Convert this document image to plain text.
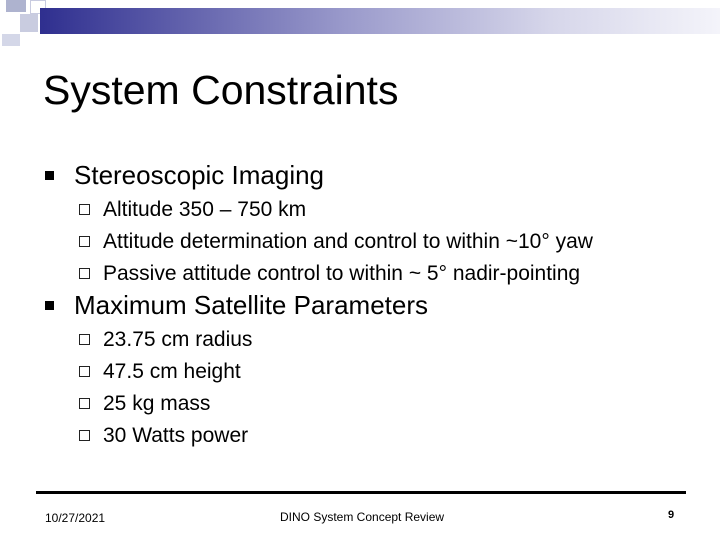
System Constraints
Stereoscopic Imaging
Altitude 350 – 750 km
Attitude determination and control to within ~10° yaw
Passive attitude control to within ~ 5° nadir-pointing
Maximum Satellite Parameters
23.75 cm radius
47.5 cm height
25 kg mass
30 Watts power
10/27/2021	DINO System Concept Review	9
